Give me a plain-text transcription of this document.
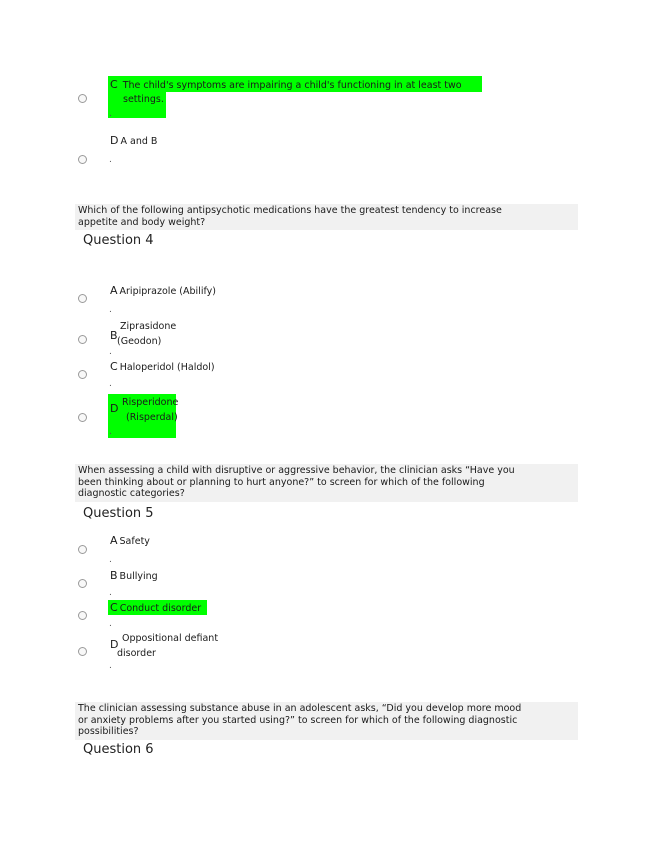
C The child's symptoms are impairing a child's functioning in at least two
settings.
.
D A and B
.
Which of the following antipsychotic medications have the greatest tendency to increase
appetite and body weight?
Question 4
A Aripiprazole (Abilify)
.
B
Ziprasidone
(Geodon)
.
C Haloperidol (Haldol)
.
D Risperidone
(Risperdal)
.
When assessing a child with disruptive or aggressive behavior, the clinician asks “Have you
been thinking about or planning to hurt anyone?” to screen for which of the following
diagnostic categories?
Question 5
A Safety
.
B Bullying
.
C Conduct disorder
.
D Oppositional defiant
disorder
.
The clinician assessing substance abuse in an adolescent asks, “Did you develop more mood
or anxiety problems after you started using?” to screen for which of the following diagnostic
possibilities?
Question 6
